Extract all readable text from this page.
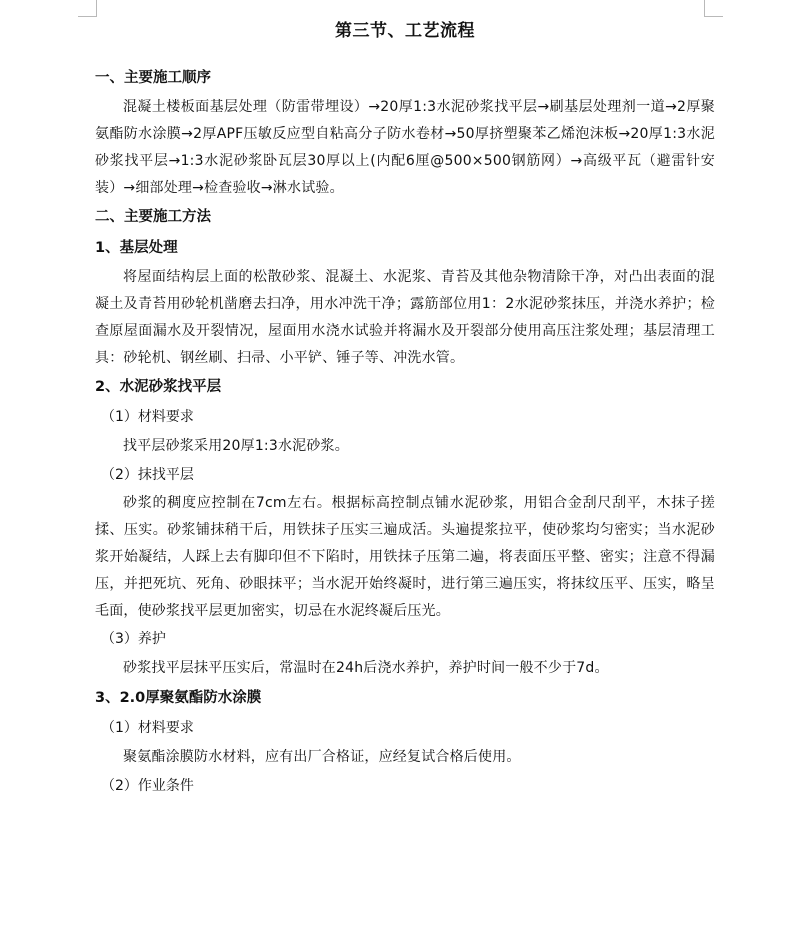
第三节、工艺流程

一、主要施工顺序

混凝土楼板面基层处理（防雷带埋设）→20厚1:3水泥砂浆找平层→刷基层处理剂一道→2厚聚氨酯防水涂膜→2厚APF压敏反应型自粘高分子防水卷材→50厚挤塑聚苯乙烯泡沫板→20厚1:3水泥砂浆找平层→1:3水泥砂浆卧瓦层30厚以上(内配6厘@500×500钢筋网）→高级平瓦（避雷针安装）→细部处理→检查验收→淋水试验。

二、主要施工方法

1、基层处理

将屋面结构层上面的松散砂浆、混凝土、水泥浆、青苔及其他杂物清除干净，对凸出表面的混凝土及青苔用砂轮机凿磨去扫净，用水冲洗干净；露筋部位用1：2水泥砂浆抹压，并浇水养护；检查原屋面漏水及开裂情况，屋面用水浇水试验并将漏水及开裂部分使用高压注浆处理；基层清理工具：砂轮机、钢丝刷、扫帚、小平铲、锤子等、冲洗水管。

2、水泥砂浆找平层

（1）材料要求

找平层砂浆采用20厚1:3水泥砂浆。

（2）抹找平层

砂浆的稠度应控制在7cm左右。根据标高控制点铺水泥砂浆，用铝合金刮尺刮平，木抹子搓揉、压实。砂浆铺抹稍干后，用铁抹子压实三遍成活。头遍提浆拉平，使砂浆均匀密实；当水泥砂浆开始凝结，人踩上去有脚印但不下陷时，用铁抹子压第二遍，将表面压平整、密实；注意不得漏压，并把死坑、死角、砂眼抹平；当水泥开始终凝时，进行第三遍压实，将抹纹压平、压实，略呈毛面，使砂浆找平层更加密实，切忌在水泥终凝后压光。

（3）养护

砂浆找平层抹平压实后，常温时在24h后浇水养护，养护时间一般不少于7d。

3、2.0厚聚氨酯防水涂膜

（1）材料要求

聚氨酯涂膜防水材料，应有出厂合格证，应经复试合格后使用。

（2）作业条件
